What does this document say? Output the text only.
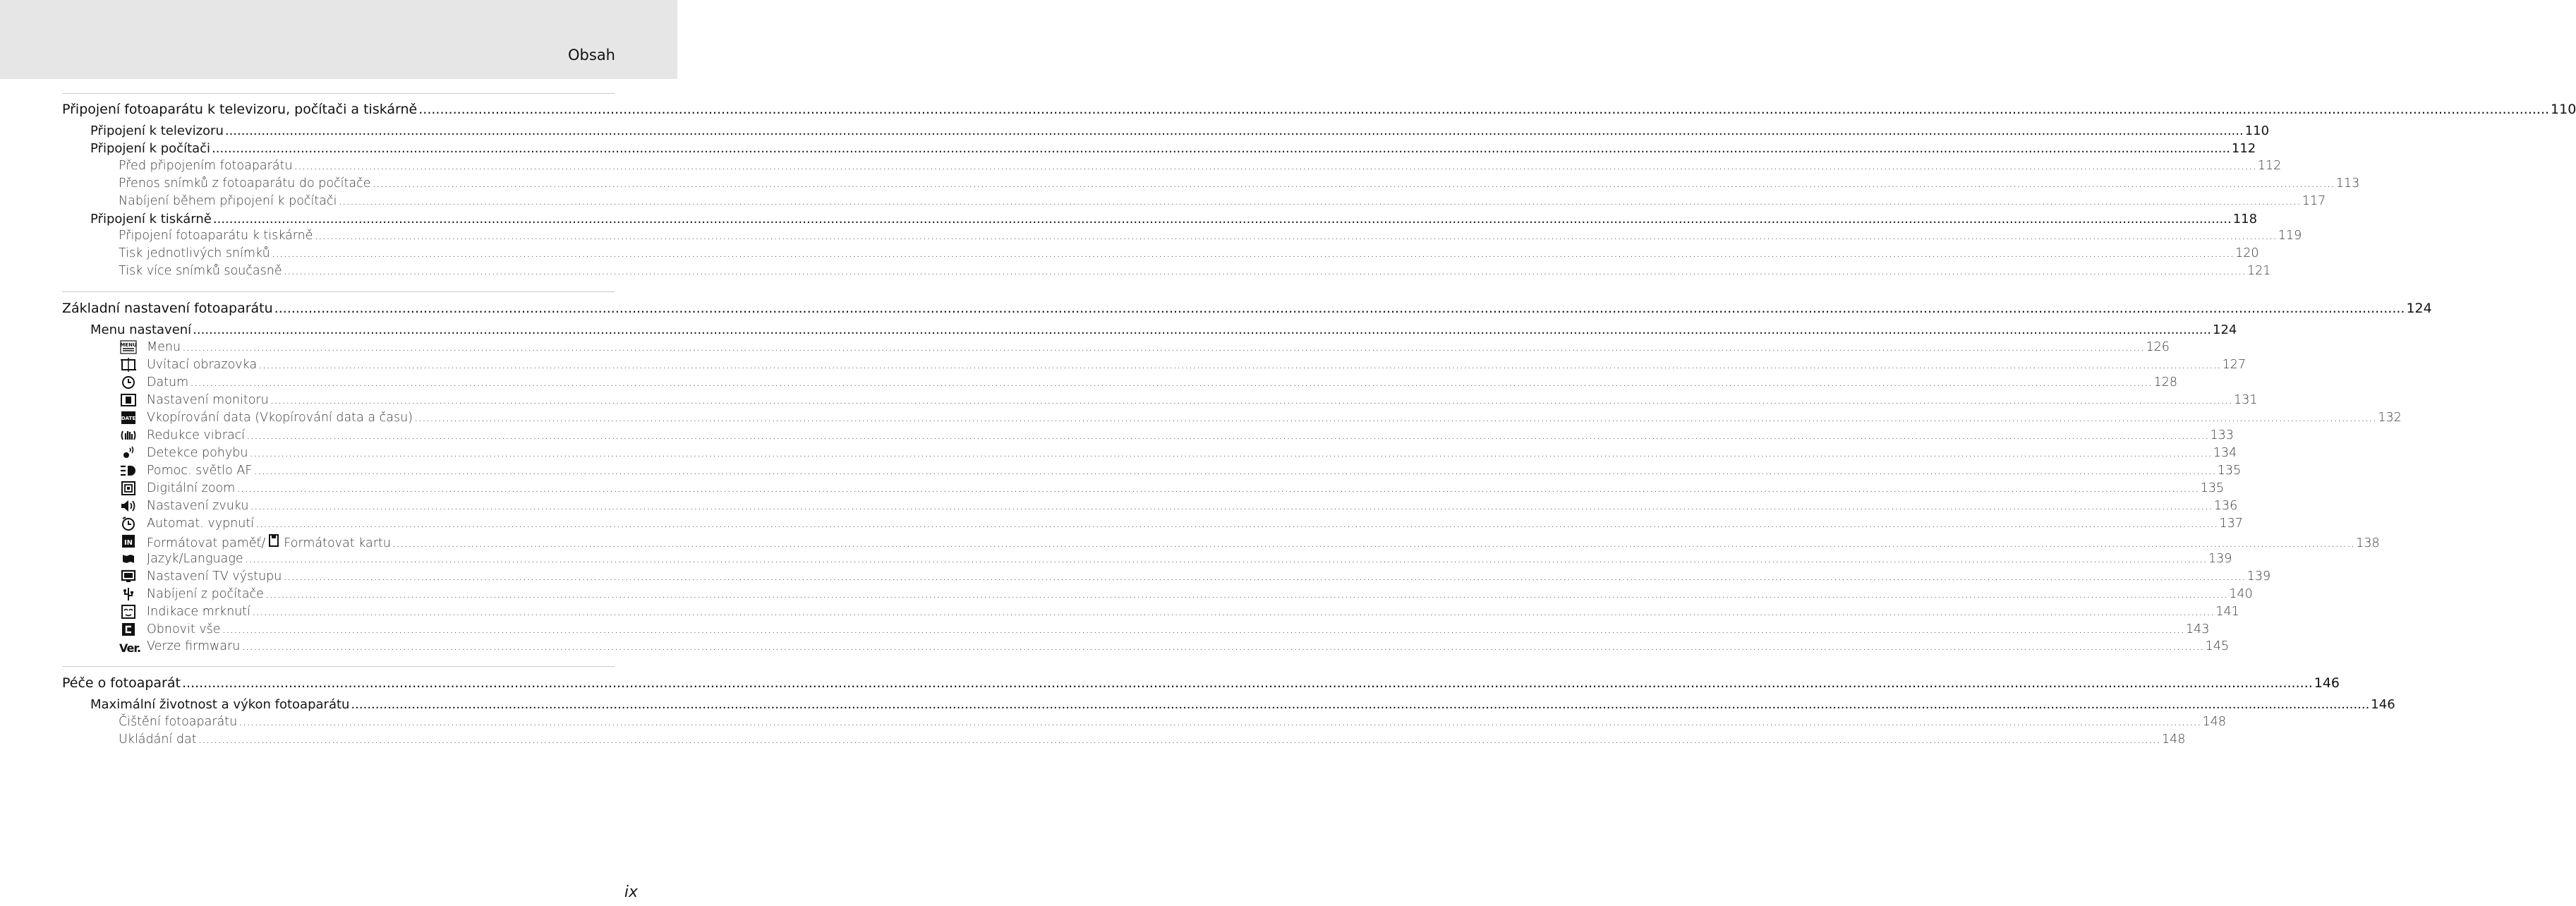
Obsah
Připojení fotoaparátu k televizoru, počítači a tiskárně .....	110
Připojení k televizoru .....	110
Připojení k počítači .....	112
Před připojením fotoaparátu .....	112
Přenos snímků z fotoaparátu do počítače .....	113
Nabíjení během připojení k počítači .....	117
Připojení k tiskárně .....	118
Připojení fotoaparátu k tiskárně .....	119
Tisk jednotlivých snímků .....	120
Tisk více snímků současně .....	121
Základní nastavení fotoaparátu .....	124
Menu nastavení .....	124
MENU Menu .....	126
Uvítací obrazovka .....	127
Datum .....	128
Nastavení monitoru .....	131
DATE Vkopírování data (Vkopírování data a času) .....	132
Redukce vibrací .....	133
Detekce pohybu .....	134
Pomoc. světlo AF .....	135
Digitální zoom .....	135
Nastavení zvuku .....	136
Automat. vypnutí .....	137
IN Formátovat paměť/ Formátovat kartu .....	138
Jazyk/Language .....	139
Nastavení TV výstupu .....	139
Nabíjení z počítače .....	140
Indikace mrknutí .....	141
Obnovit vše .....	143
Ver. Verze firmwaru .....	145
Péče o fotoaparát .....	146
Maximální životnost a výkon fotoaparátu .....	146
Čištění fotoaparátu .....	148
Ukládání dat .....	148
ix
